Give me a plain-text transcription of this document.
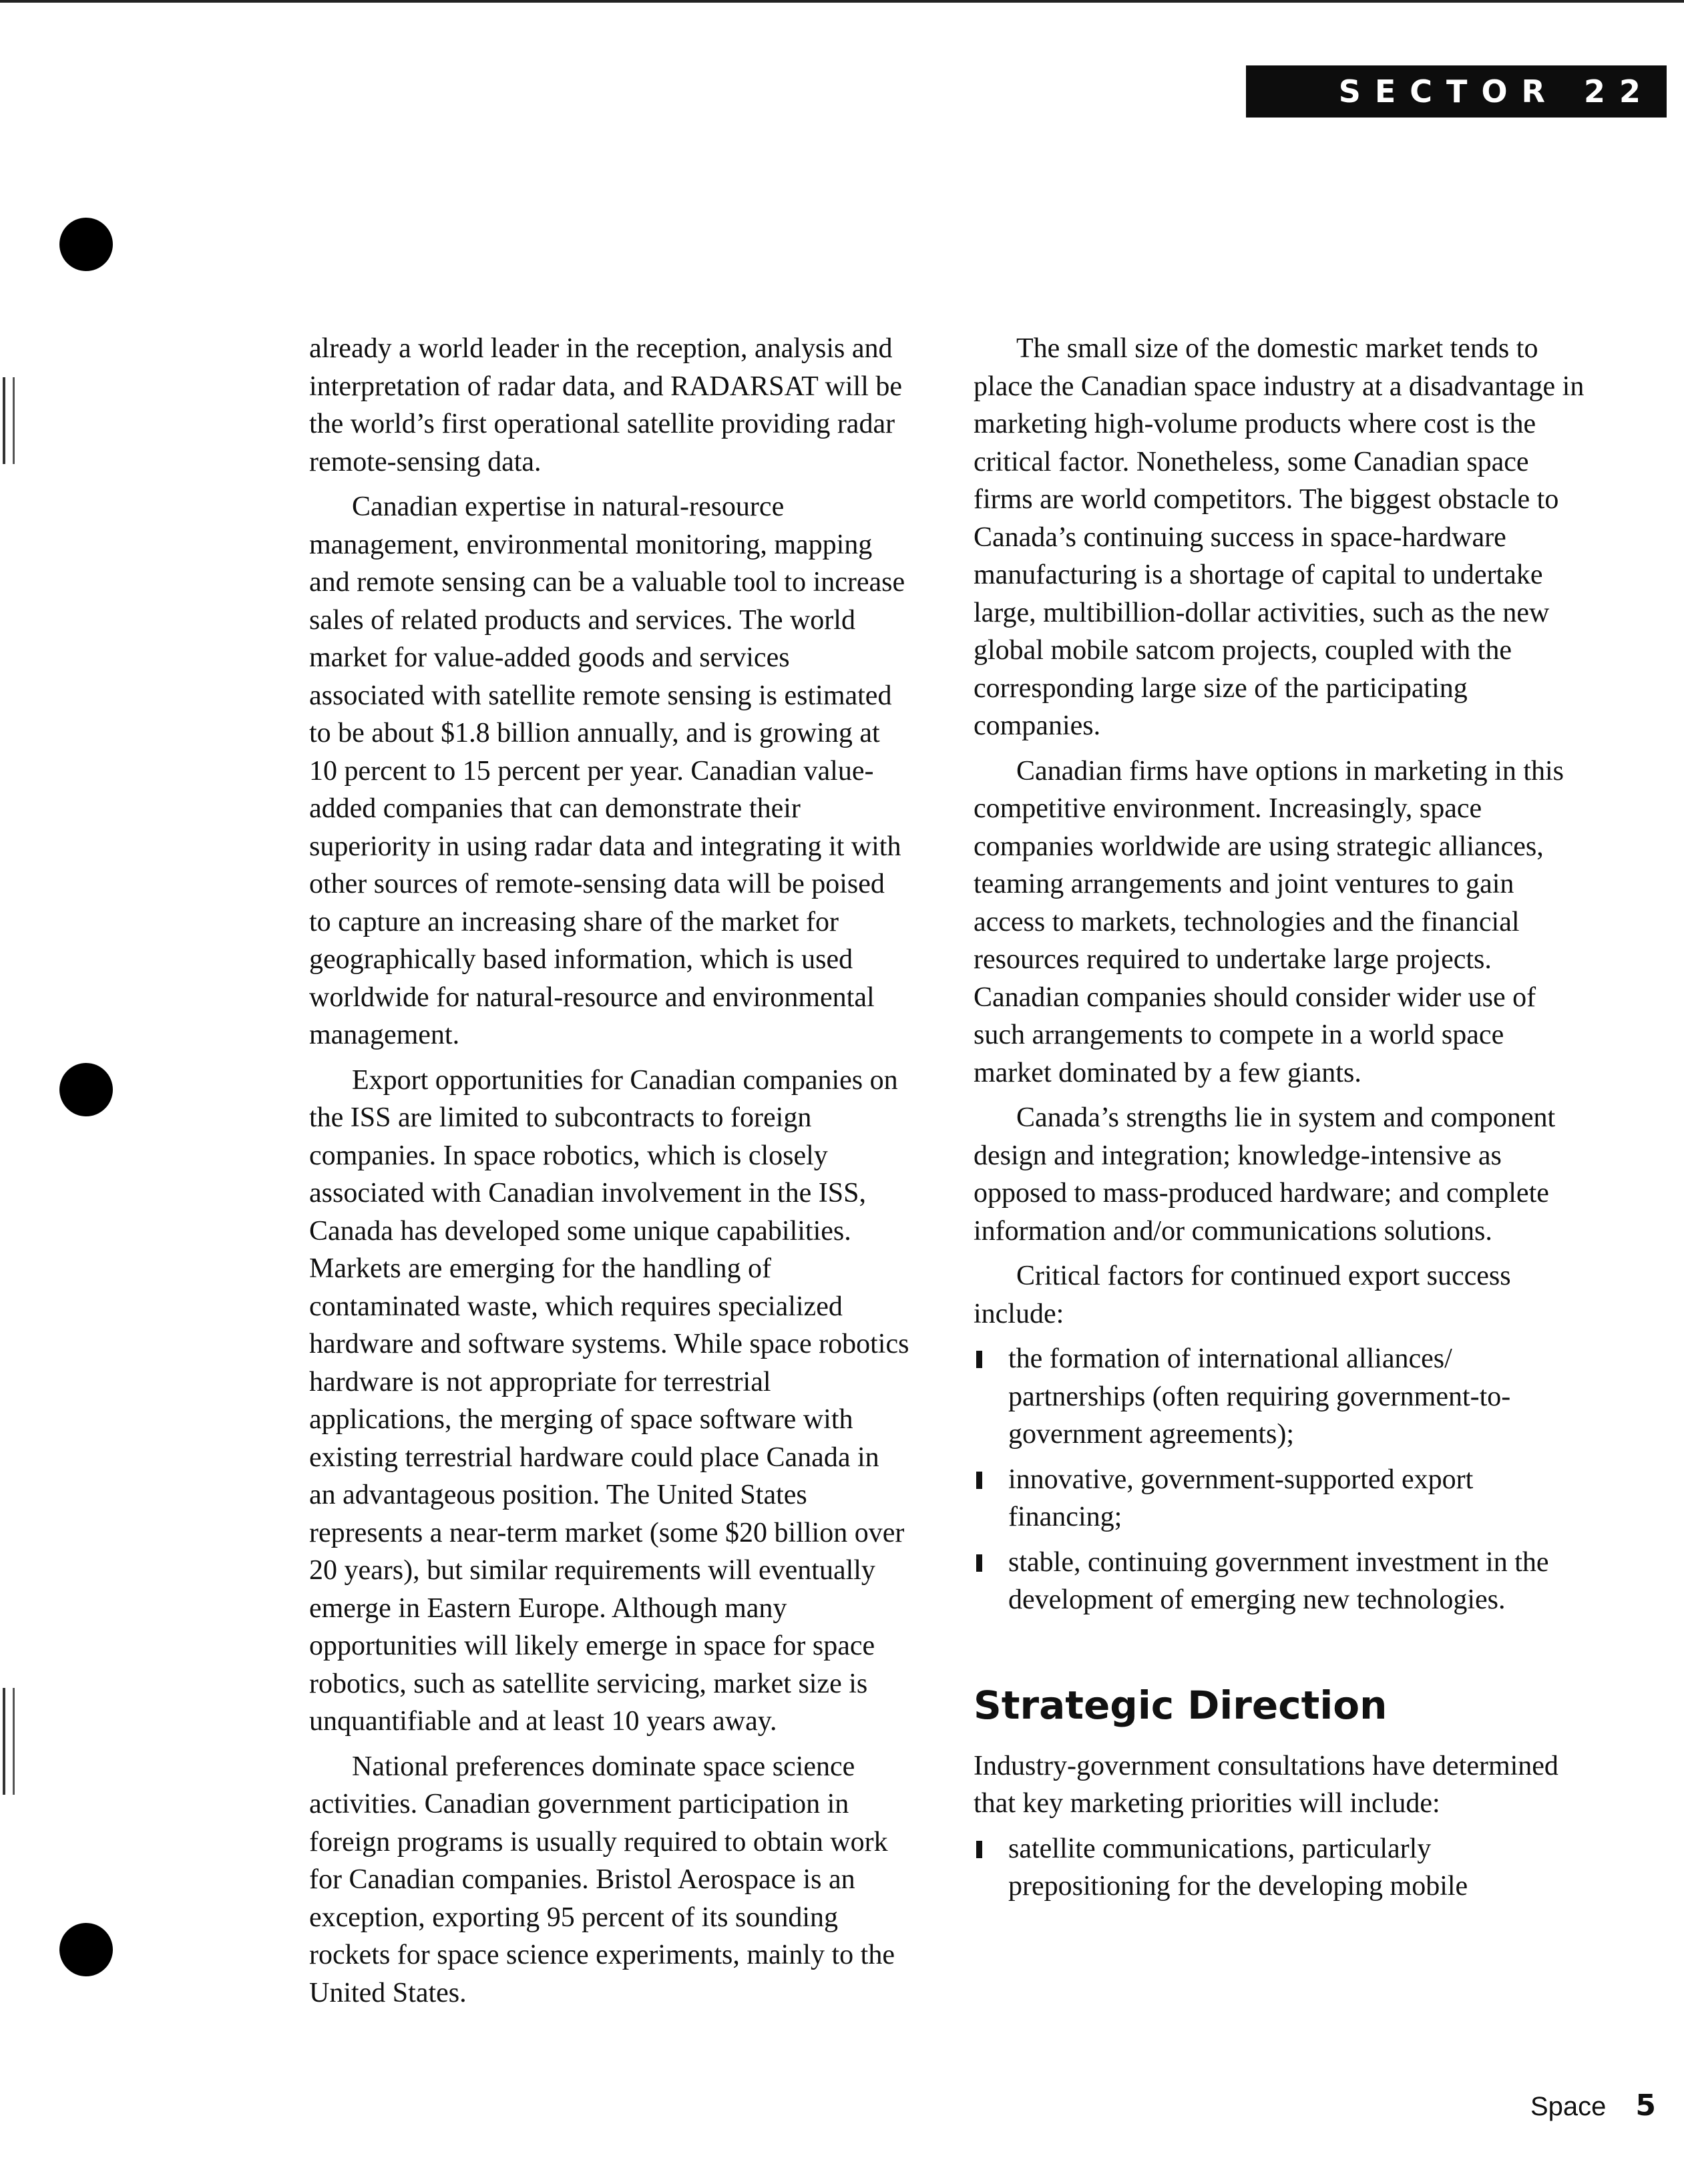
SECTOR 22

already a world leader in the reception, analysis and interpretation of radar data, and RADARSAT will be the world’s first operational satellite providing radar remote-sensing data.

Canadian expertise in natural-resource management, environmental monitoring, mapping and remote sensing can be a valuable tool to increase sales of related products and services. The world market for value-added goods and services associated with satellite remote sensing is estimated to be about $1.8 billion annually, and is growing at 10 percent to 15 percent per year. Canadian value-added companies that can demonstrate their superiority in using radar data and integrating it with other sources of remote-sensing data will be poised to capture an increasing share of the market for geographically based information, which is used worldwide for natural-resource and environmental management.

Export opportunities for Canadian companies on the ISS are limited to subcontracts to foreign companies. In space robotics, which is closely associated with Canadian involvement in the ISS, Canada has developed some unique capabilities. Markets are emerging for the handling of contaminated waste, which requires specialized hardware and software systems. While space robotics hardware is not appropriate for terrestrial applications, the merging of space software with existing terrestrial hardware could place Canada in an advantageous position. The United States represents a near-term market (some $20 billion over 20 years), but similar requirements will eventually emerge in Eastern Europe. Although many opportunities will likely emerge in space for space robotics, such as satellite servicing, market size is unquantifiable and at least 10 years away.

National preferences dominate space science activities. Canadian government participation in foreign programs is usually required to obtain work for Canadian companies. Bristol Aerospace is an exception, exporting 95 percent of its sounding rockets for space science experiments, mainly to the United States.

The small size of the domestic market tends to place the Canadian space industry at a disadvantage in marketing high-volume products where cost is the critical factor. Nonetheless, some Canadian space firms are world competitors. The biggest obstacle to Canada’s continuing success in space-hardware manufacturing is a shortage of capital to undertake large, multibillion-dollar activities, such as the new global mobile satcom projects, coupled with the corresponding large size of the participating companies.

Canadian firms have options in marketing in this competitive environment. Increasingly, space companies worldwide are using strategic alliances, teaming arrangements and joint ventures to gain access to markets, technologies and the financial resources required to undertake large projects. Canadian companies should consider wider use of such arrangements to compete in a world space market dominated by a few giants.

Canada’s strengths lie in system and component design and integration; knowledge-intensive as opposed to mass-produced hardware; and complete information and/or communications solutions.

Critical factors for continued export success include:

the formation of international alliances/ partnerships (often requiring government-to-government agreements);
innovative, government-supported export financing;
stable, continuing government investment in the development of emerging new technologies.
Strategic Direction

Industry-government consultations have determined that key marketing priorities will include:

satellite communications, particularly prepositioning for the developing mobile
Space 5
